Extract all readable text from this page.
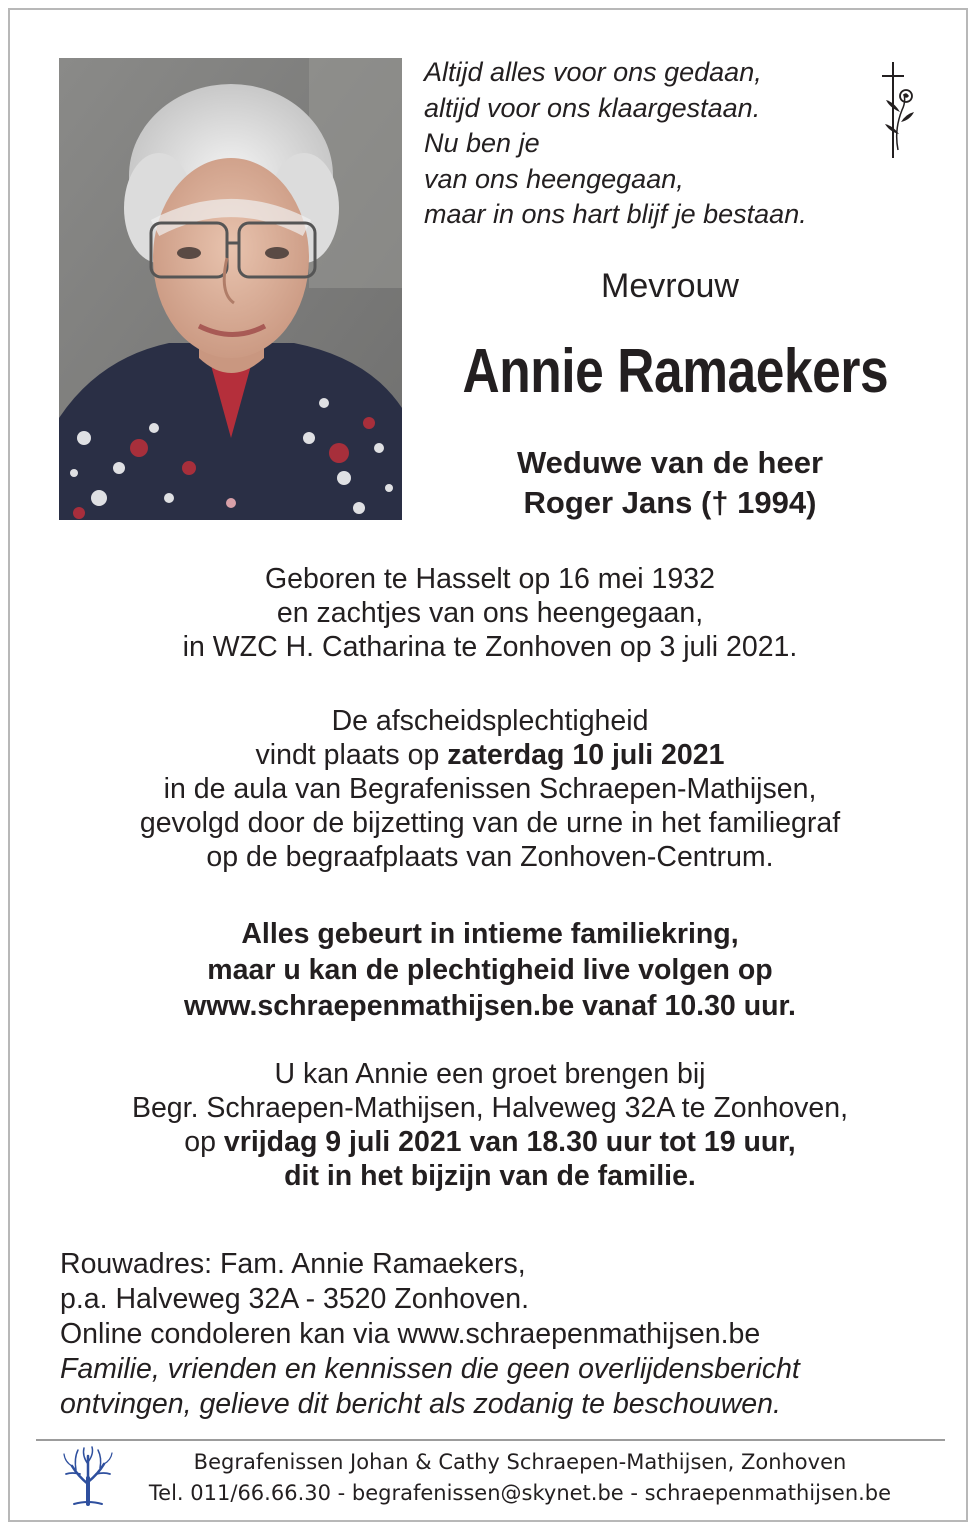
Altijd alles voor ons gedaan,
altijd voor ons klaargestaan.
Nu ben je
van ons heengegaan,
maar in ons hart blijf je bestaan.
Mevrouw
Annie Ramaekers
Weduwe van de heer
Roger Jans († 1994)
Geboren te Hasselt op 16 mei 1932
en zachtjes van ons heengegaan,
in WZC H. Catharina te Zonhoven op 3 juli 2021.
De afscheidsplechtigheid
vindt plaats op zaterdag 10 juli 2021
in de aula van Begrafenissen Schraepen-Mathijsen,
gevolgd door de bijzetting van de urne in het familiegraf
op de begraafplaats van Zonhoven-Centrum.
Alles gebeurt in intieme familiekring,
maar u kan de plechtigheid live volgen op
www.schraepenmathijsen.be vanaf 10.30 uur.
U kan Annie een groet brengen bij
Begr. Schraepen-Mathijsen, Halveweg 32A te Zonhoven,
op vrijdag 9 juli 2021 van 18.30 uur tot 19 uur,
dit in het bijzijn van de familie.
Rouwadres: Fam. Annie Ramaekers,
p.a. Halveweg 32A - 3520 Zonhoven.
Online condoleren kan via www.schraepenmathijsen.be
Familie, vrienden en kennissen die geen overlijdensbericht
ontvingen, gelieve dit bericht als zodanig te beschouwen.
Begrafenissen Johan & Cathy Schraepen-Mathijsen, Zonhoven
Tel. 011/66.66.30 - begrafenissen@skynet.be - schraepenmathijsen.be
